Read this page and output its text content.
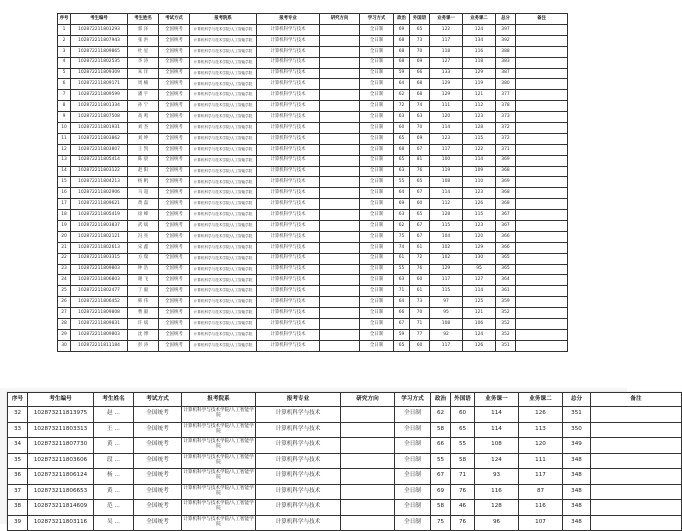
序号	考生编号	考生姓名	考试方式	报考院系	报考专业	研究方向	学习方式	政治	外国语	业务课一	业务课二	总分	备注
1	102872211801293	郭 泽	全国统考	计算机科学与技术学院/人工智能学院	计算机科学与技术		全日制	69	65	122	124	397	
2	102872211807943	张 洪	全国统考	计算机科学与技术学院/人工智能学院	计算机科学与技术		全日制	68	73	117	134	392	
3	102872211809865	杜 星	全国统考	计算机科学与技术学院/人工智能学院	计算机科学与技术		全日制	68	70	118	116	388	
4	102872211802535	李 涛	全国统考	计算机科学与技术学院/人工智能学院	计算机科学与技术		全日制	68	69	127	118	383	
5	102872211809309	朱 洋	全国统考	计算机科学与技术学院/人工智能学院	计算机科学与技术		全日制	59	66	133	129	387	
6	102872211809171	周 楠	全国统考	计算机科学与技术学院/人工智能学院	计算机科学与技术		全日制	64	68	129	119	380	
7	102872211809599	潘 宇	全国统考	计算机科学与技术学院/人工智能学院	计算机科学与技术		全日制	62	68	129	121	377	
8	102872211801334	孙 宁	全国统考	计算机科学与技术学院/人工智能学院	计算机科学与技术		全日制	72	74	111	112	378	
9	102872211807508	高 鸣	全国统考	计算机科学与技术学院/人工智能学院	计算机科学与技术		全日制	63	63	120	123	373	
10	102872211801931	刘 杰	全国统考	计算机科学与技术学院/人工智能学院	计算机科学与技术		全日制	60	70	114	128	372	
11	102872211803862	刘 坤	全国统考	计算机科学与技术学院/人工智能学院	计算机科学与技术		全日制	65	69	123	115	372	
12	102872211803807	王 凯	全国统考	计算机科学与技术学院/人工智能学院	计算机科学与技术		全日制	68	67	117	122	371	
13	102872211805414	陈 晨	全国统考	计算机科学与技术学院/人工智能学院	计算机科学与技术		全日制	65	81	100	114	369	
14	102872211803122	赵 阳	全国统考	计算机科学与技术学院/人工智能学院	计算机科学与技术		全日制	63	76	119	109	368	
15	102872211804213	杨 帆	全国统考	计算机科学与技术学院/人工智能学院	计算机科学与技术		全日制	55	65	108	110	369	
16	102872211802906	马 超	全国统考	计算机科学与技术学院/人工智能学院	计算机科学与技术		全日制	64	67	114	123	368	
17	102872211809621	黄 磊	全国统考	计算机科学与技术学院/人工智能学院	计算机科学与技术		全日制	69	60	112	126	368	
18	102872211805419	徐 峰	全国统考	计算机科学与技术学院/人工智能学院	计算机科学与技术		全日制	63	65	128	115	367	
19	102872211803837	武 斌	全国统考	计算机科学与技术学院/人工智能学院	计算机科学与技术		全日制	62	67	115	123	367	
20	102872211802121	冯 亮	全国统考	计算机科学与技术学院/人工智能学院	计算机科学与技术		全日制	75	67	104	120	366	
21	102872211802613	宋 鑫	全国统考	计算机科学与技术学院/人工智能学院	计算机科学与技术		全日制	74	61	102	129	366	
22	102872211803315	方 瑞	全国统考	计算机科学与技术学院/人工智能学院	计算机科学与技术		全日制	61	72	102	130	365	
23	102872211809803	钟 浩	全国统考	计算机科学与技术学院/人工智能学院	计算机科学与技术		全日制	55	76	129	95	365	
24	102872211806803	谢 飞	全国统考	计算机科学与技术学院/人工智能学院	计算机科学与技术		全日制	63	60	117	127	364	
25	102872211802477	丁 毅	全国统考	计算机科学与技术学院/人工智能学院	计算机科学与技术		全日制	71	61	115	114	361	
26	102872211806452	韩 伟	全国统考	计算机科学与技术学院/人工智能学院	计算机科学与技术		全日制	64	73	97	125	359	
27	102872211809808	曹 毅	全国统考	计算机科学与技术学院/人工智能学院	计算机科学与技术		全日制	66	70	95	121	352	
28	102872211809831	许 斌	全国统考	计算机科学与技术学院/人工智能学院	计算机科学与技术		全日制	67	71	108	106	352	
29	102872211809803	沈 博	全国统考	计算机科学与技术学院/人工智能学院	计算机科学与技术		全日制	59	77	92	124	352	
30	102872211811184	彭 涛	全国统考	计算机科学与技术学院/人工智能学院	计算机科学与技术		全日制	65	60	117	126	351	
序号	考生编号	考生姓名	考试方式	报考院系	报考专业	研究方向	学习方式	政治	外国语	业务课一	业务课二	总分	备注
32	102873211813975	赵 …	全国统考	计算机科学与技术学院/人工智能学院	计算机科学与技术		全日制	62	60	114	126	351	
33	102873211803313	王 …	全国统考	计算机科学与技术学院/人工智能学院	计算机科学与技术		全日制	58	65	114	113	350	
34	102873211807730	黄 …	全国统考	计算机科学与技术学院/人工智能学院	计算机科学与技术		全日制	66	55	108	120	349	
35	102873211803606	段 …	全国统考	计算机科学与技术学院/人工智能学院	计算机科学与技术		全日制	55	58	124	111	348	
36	102873211806124	杨 …	全国统考	计算机科学与技术学院/人工智能学院	计算机科学与技术		全日制	67	71	93	117	348	
37	102873211806653	黄 …	全国统考	计算机科学与技术学院/人工智能学院	计算机科学与技术		全日制	69	76	116	87	348	
38	102873211814609	范 …	全国统考	计算机科学与技术学院/人工智能学院	计算机科学与技术		全日制	58	46	128	116	348	
39	102873211803116	吴 …	全国统考	计算机科学与技术学院/人工智能学院	计算机科学与技术		全日制	75	76	96	107	348	
